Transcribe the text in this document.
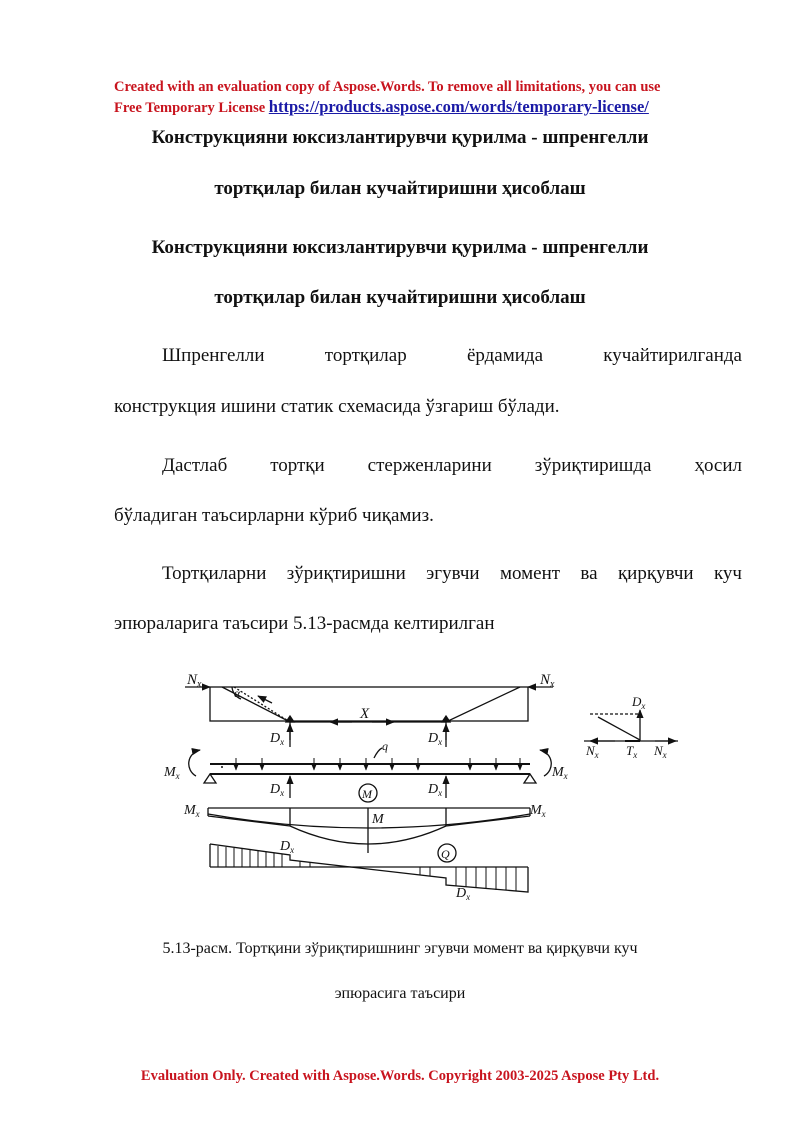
Created with an evaluation copy of Aspose.Words. To remove all limitations, you can use
Free Temporary License https://products.aspose.com/words/temporary-license/
Конструкцияни юксизлантирувчи қурилма - шпренгелли
тортқилар билан кучайтиришни ҳисоблаш
Конструкцияни юксизлантирувчи қурилма - шпренгелли
тортқилар билан кучайтиришни ҳисоблаш
Шпренгелли	тортқилар	ёрдамида	кучайтирилганда
конструкция ишини статик схемасида ўзгариш бўлади.
Дастлаб тортқи стерженларини зўриқтиришда ҳосил
бўладиган таъсирларни кўриб чиқамиз.
Тортқиларни зўриқтиришни эгувчи момент ва қирқувчи куч
эпюраларига таъсири 5.13-расмда келтирилган
$N_x$	$N_x$
α
X
$D_x$	$D_x$
$D_x$
$N_x$ $T_x$ $N_x$
$M_x$	$M_x$
q
$D_x$	$D_x$
M
$M_x$	$M_x$
M
$D_x$	Q
$D_x$
5.13-расм. Тортқини зўриқтиришнинг эгувчи момент ва қирқувчи куч
эпюрасига таъсири
Evaluation Only. Created with Aspose.Words. Copyright 2003-2025 Aspose Pty Ltd.
